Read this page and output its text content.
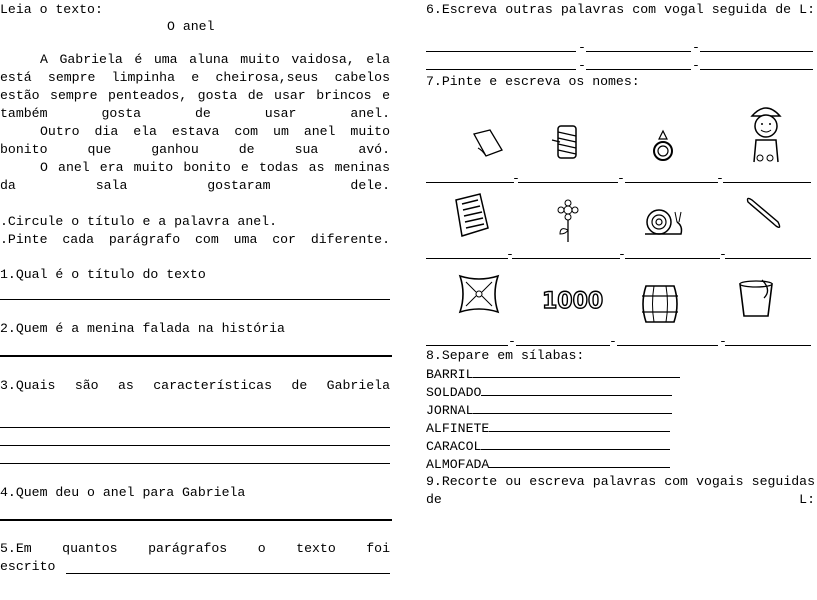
Leia o texto:
O anel
A Gabriela é uma aluna muito vaidosa, ela está sempre limpinha e cheirosa,seus cabelos estão sempre penteados, gosta de usar brincos e também gosta de usar anel.
Outro dia ela estava com um anel muito bonito que ganhou de sua avó.
O anel era muito bonito e todas as meninas da sala gostaram dele.
.Circule o título e a palavra anel.
.Pinte cada parágrafo com uma cor diferente.
1.Qual é o título do texto
2.Quem é a menina falada na história
3.Quais são as características de Gabriela
4.Quem deu o anel para Gabriela
5.Em quantos parágrafos o texto foi
escrito
6.Escreva outras palavras com vogal seguida de L:
-	-
-	-
7.Pinte e escreva os nomes:
-	-	-
-	-	-
1000
-	-	-
8.Separe em sílabas:
BARRIL
SOLDADO
JORNAL
ALFINETE
CARACOL
ALMOFADA
9.Recorte ou escreva palavras com vogais seguidas de L:
